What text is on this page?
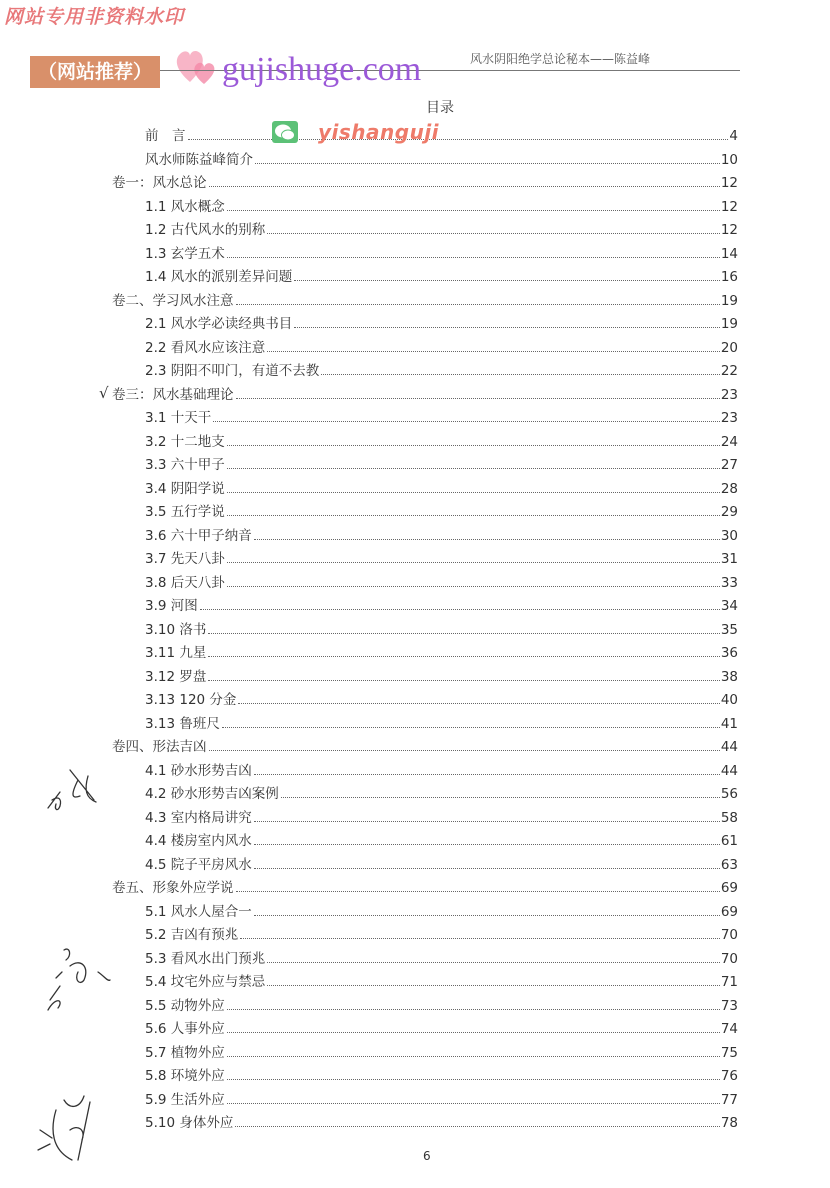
网站专用非资料水印
（网站推荐）
风水阴阳绝学总论秘本——陈益峰
gujishuge.com
目录
前　言	4
风水师陈益峰简介	10
卷一：风水总论	12
1.1 风水概念	12
1.2 古代风水的别称	12
1.3 玄学五术	14
1.4 风水的派别差异问题	16
卷二、学习风水注意	19
2.1 风水学必读经典书目	19
2.2 看风水应该注意	20
2.3 阴阳不叩门，有道不去教	22
卷三：风水基础理论	23
3.1 十天干	23
3.2 十二地支	24
3.3 六十甲子	27
3.4 阴阳学说	28
3.5 五行学说	29
3.6 六十甲子纳音	30
3.7 先天八卦	31
3.8 后天八卦	33
3.9 河图	34
3.10 洛书	35
3.11 九星	36
3.12 罗盘	38
3.13 120 分金	40
3.13 鲁班尺	41
卷四、形法吉凶	44
4.1 砂水形势吉凶	44
4.2 砂水形势吉凶案例	56
4.3 室内格局讲究	58
4.4 楼房室内风水	61
4.5 院子平房风水	63
卷五、形象外应学说	69
5.1 风水人屋合一	69
5.2 吉凶有预兆	70
5.3 看风水出门预兆	70
5.4 坟宅外应与禁忌	71
5.5 动物外应	73
5.6 人事外应	74
5.7 植物外应	75
5.8 环境外应	76
5.9 生活外应	77
5.10 身体外应	78
yishanguji
√
6
